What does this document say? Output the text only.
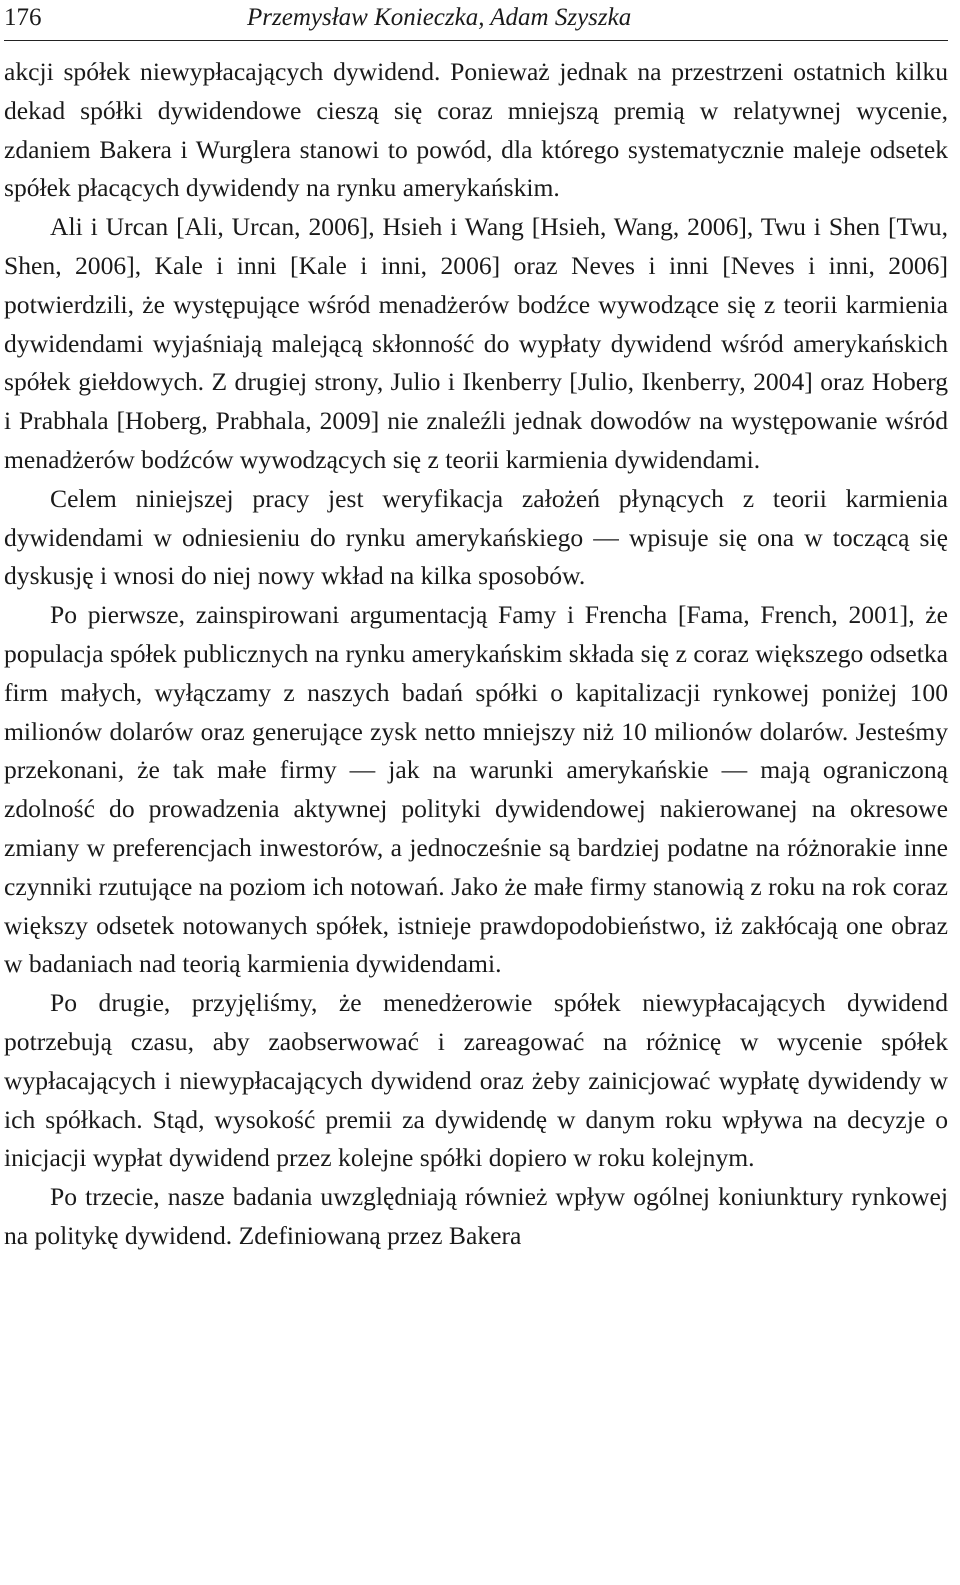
176	Przemysław Konieczka, Adam Szyszka

akcji spółek niewypłacających dywidend. Ponieważ jednak na przestrzeni ostatnich kilku dekad spółki dywidendowe cieszą się coraz mniejszą premią w relatywnej wycenie, zdaniem Bakera i Wurglera stanowi to powód, dla którego systematycznie maleje odsetek spółek płacących dywidendy na rynku amerykańskim.

Ali i Urcan [Ali, Urcan, 2006], Hsieh i Wang [Hsieh, Wang, 2006], Twu i Shen [Twu, Shen, 2006], Kale i inni [Kale i inni, 2006] oraz Neves i inni [Neves i inni, 2006] potwierdzili, że występujące wśród menadżerów bodźce wywodzące się z teorii karmienia dywidendami wyjaśniają malejącą skłonność do wypłaty dywidend wśród amerykańskich spółek giełdowych. Z drugiej strony, Julio i Ikenberry [Julio, Ikenberry, 2004] oraz Hoberg i Prabhala [Hoberg, Prabhala, 2009] nie znaleźli jednak dowodów na występowanie wśród menadżerów bodźców wywodzących się z teorii karmienia dywidendami.

Celem niniejszej pracy jest weryfikacja założeń płynących z teorii karmienia dywidendami w odniesieniu do rynku amerykańskiego — wpisuje się ona w toczącą się dyskusję i wnosi do niej nowy wkład na kilka sposobów.

Po pierwsze, zainspirowani argumentacją Famy i Frencha [Fama, French, 2001], że populacja spółek publicznych na rynku amerykańskim składa się z coraz większego odsetka firm małych, wyłączamy z naszych badań spółki o kapitalizacji rynkowej poniżej 100 milionów dolarów oraz generujące zysk netto mniejszy niż 10 milionów dolarów. Jesteśmy przekonani, że tak małe firmy — jak na warunki amerykańskie — mają ograniczoną zdolność do prowadzenia aktywnej polityki dywidendowej nakierowanej na okresowe zmiany w preferencjach inwestorów, a jednocześnie są bardziej podatne na różnorakie inne czynniki rzutujące na poziom ich notowań. Jako że małe firmy stanowią z roku na rok coraz większy odsetek notowanych spółek, istnieje prawdopodobieństwo, iż zakłócają one obraz w badaniach nad teorią karmienia dywidendami.

Po drugie, przyjęliśmy, że menedżerowie spółek niewypłacających dywidend potrzebują czasu, aby zaobserwować i zareagować na różnicę w wycenie spółek wypłacających i niewypłacających dywidend oraz żeby zainicjować wypłatę dywidendy w ich spółkach. Stąd, wysokość premii za dywidendę w danym roku wpływa na decyzje o inicjacji wypłat dywidend przez kolejne spółki dopiero w roku kolejnym.

Po trzecie, nasze badania uwzględniają również wpływ ogólnej koniunktury rynkowej na politykę dywidend. Zdefiniowaną przez Bakera
